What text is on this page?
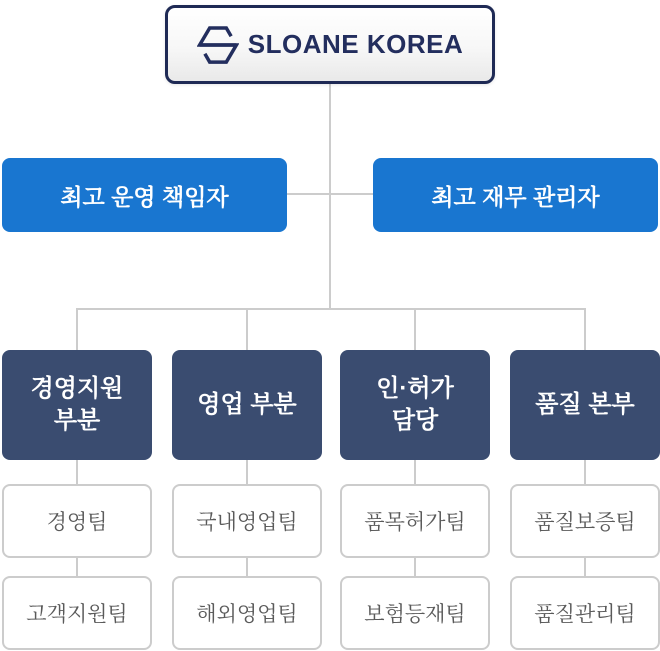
SLOANE KOREA
최고 운영 책임자	최고 재무 관리자
경영지원
부분
영업 부분
인·허가
담당
품질 본부
경영팀	국내영업팀	품목허가팀	품질보증팀
고객지원팀	해외영업팀	보험등재팀	품질관리팀
